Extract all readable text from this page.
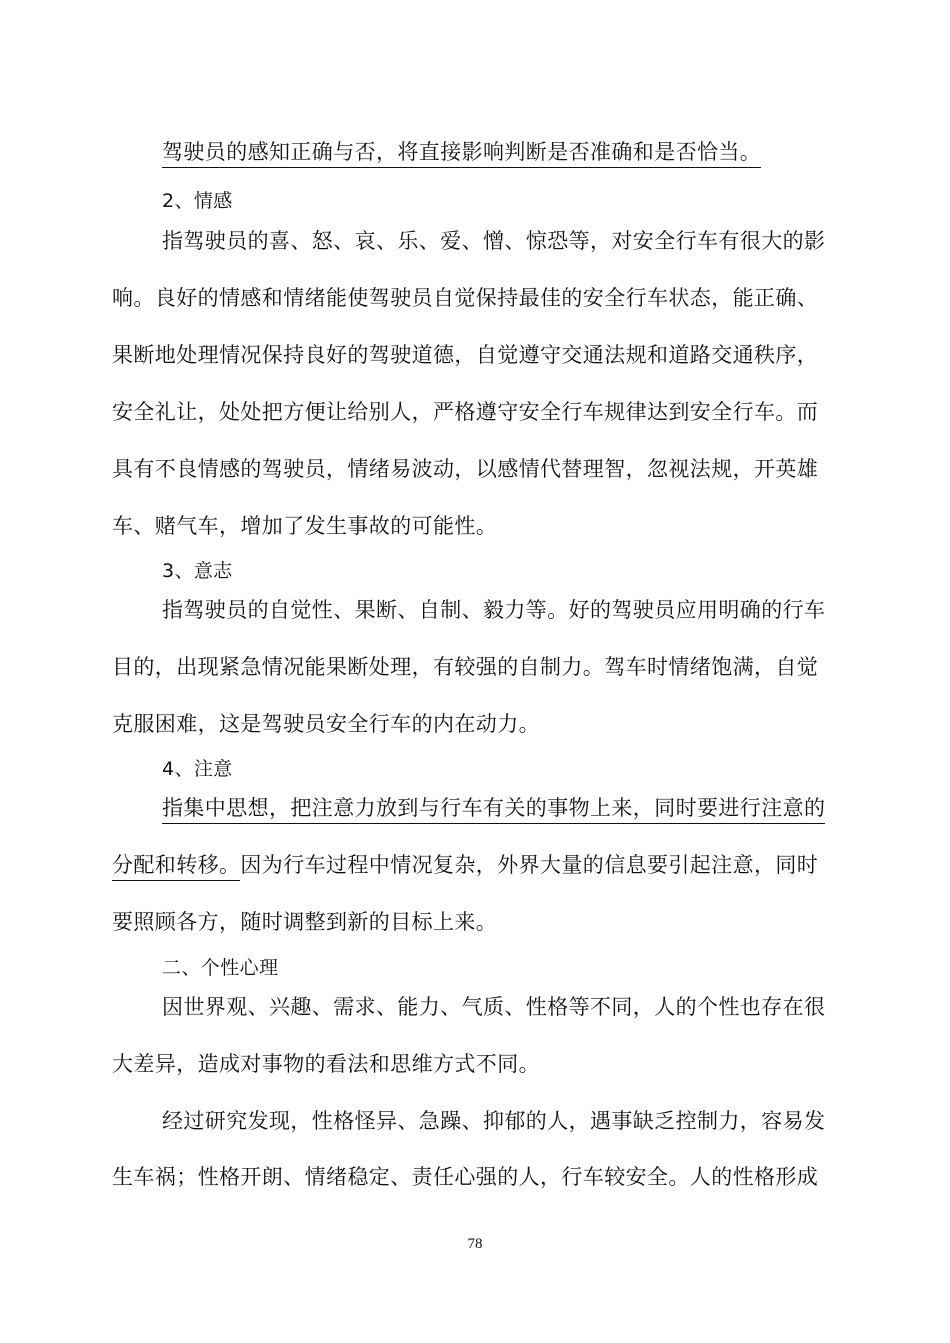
驾驶员的感知正确与否，将直接影响判断是否准确和是否恰当。
2、情感
指驾驶员的喜、怒、哀、乐、爱、憎、惊恐等，对安全行车有很大的影
响。良好的情感和情绪能使驾驶员自觉保持最佳的安全行车状态，能正确、
果断地处理情况保持良好的驾驶道德，自觉遵守交通法规和道路交通秩序，
安全礼让，处处把方便让给别人，严格遵守安全行车规律达到安全行车。而
具有不良情感的驾驶员，情绪易波动，以感情代替理智，忽视法规，开英雄
车、赌气车，增加了发生事故的可能性。
3、意志
指驾驶员的自觉性、果断、自制、毅力等。好的驾驶员应用明确的行车
目的，出现紧急情况能果断处理，有较强的自制力。驾车时情绪饱满，自觉
克服困难，这是驾驶员安全行车的内在动力。
4、注意
指集中思想，把注意力放到与行车有关的事物上来，同时要进行注意的
分配和转移。因为行车过程中情况复杂，外界大量的信息要引起注意，同时
要照顾各方，随时调整到新的目标上来。
二、个性心理
因世界观、兴趣、需求、能力、气质、性格等不同，人的个性也存在很
大差异，造成对事物的看法和思维方式不同。
经过研究发现，性格怪异、急躁、抑郁的人，遇事缺乏控制力，容易发
生车祸；性格开朗、情绪稳定、责任心强的人，行车较安全。人的性格形成
78
